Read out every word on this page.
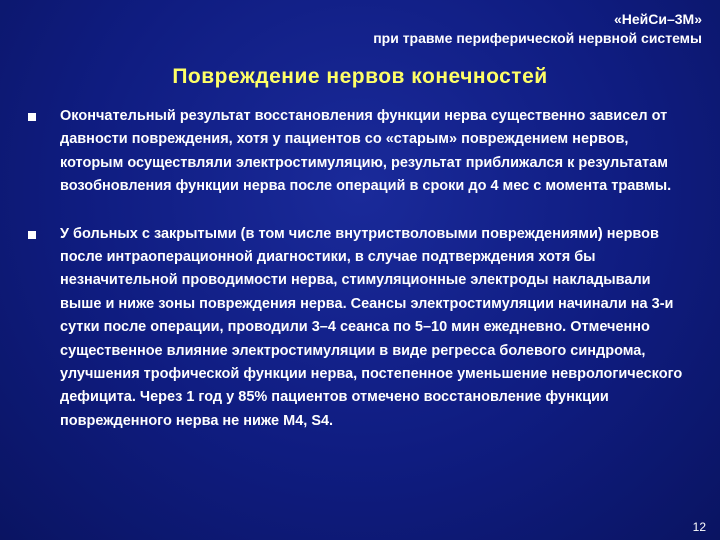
«НейСи–3М»
при травме периферической нервной системы
Повреждение нервов конечностей
Окончательный результат восстановления функции нерва существенно зависел от давности повреждения, хотя у пациентов со «старым» повреждением нервов, которым осуществляли электростимуляцию, результат приближался к результатам возобновления функции нерва после операций в сроки до 4 мес с момента травмы.
У больных с закрытыми (в том числе внутристволовыми повреждениями) нервов после интраоперационной диагностики, в случае подтверждения хотя бы незначительной проводимости нерва, стимуляционные электроды накладывали выше и ниже зоны повреждения нерва. Сеансы электростимуляции начинали на 3-и сутки после операции, проводили 3–4 сеанса по 5–10 мин ежедневно. Отмеченно существенное влияние электростимуляции в виде регресса болевого синдрома, улучшения трофической функции нерва, постепенное уменьшение неврологического дефицита. Через 1 год у 85% пациентов отмечено восстановление функции поврежденного нерва не ниже М4, S4.
12
